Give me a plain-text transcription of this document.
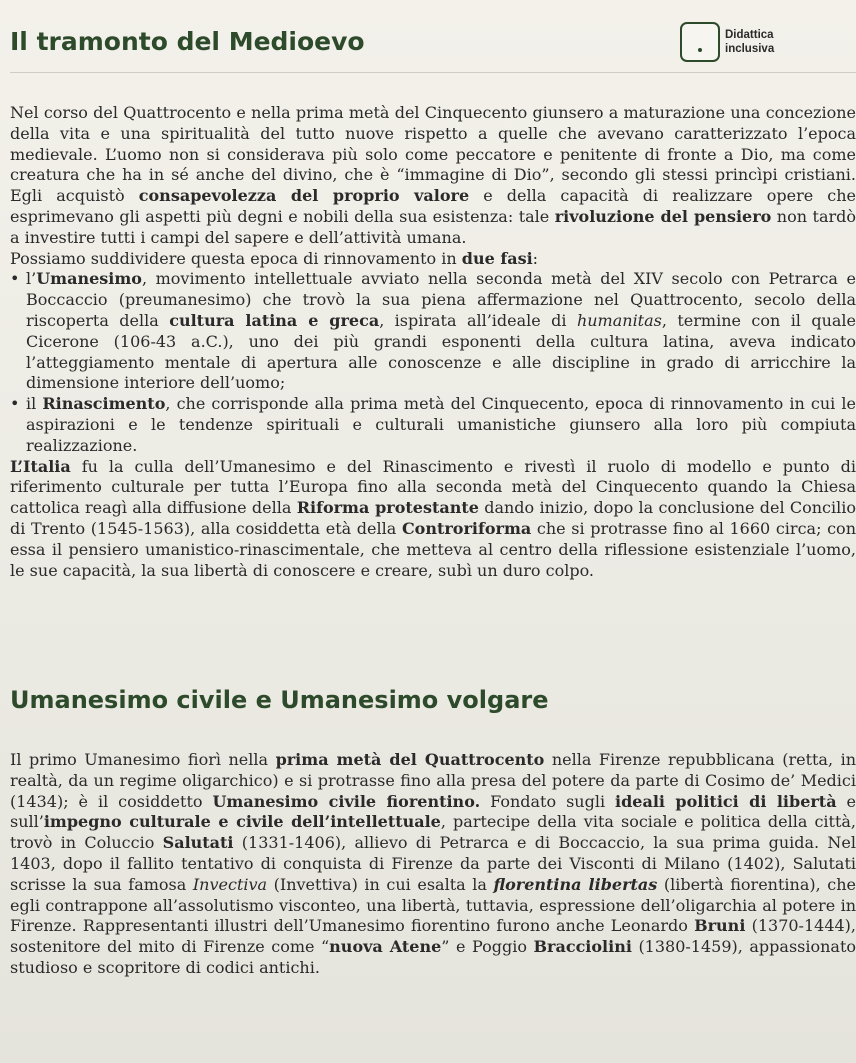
Il tramonto del Medioevo	Didattica
inclusiva

Nel corso del Quattrocento e nella prima metà del Cinquecento giunsero a maturazione una concezione della vita e una spiritualità del tutto nuove rispetto a quelle che avevano caratterizzato l’epoca medievale. L’uomo non si considerava più solo come peccatore e penitente di fronte a Dio, ma come creatura che ha in sé anche del divino, che è “immagine di Dio”, secondo gli stessi princìpi cristiani. Egli acquistò consapevolezza del proprio valore e della capacità di realizzare opere che esprimevano gli aspetti più degni e nobili della sua esistenza: tale rivoluzione del pensiero non tardò a investire tutti i campi del sapere e dell’attività umana.

Possiamo suddividere questa epoca di rinnovamento in due fasi:

• l’Umanesimo, movimento intellettuale avviato nella seconda metà del XIV secolo con Petrarca e Boccaccio (preumanesimo) che trovò la sua piena affermazione nel Quattrocento, secolo della riscoperta della cultura latina e greca, ispirata all’ideale di humanitas, termine con il quale Cicerone (106-43 a.C.), uno dei più grandi esponenti della cultura latina, aveva indicato l’atteggiamento mentale di apertura alle conoscenze e alle discipline in grado di arricchire la dimensione interiore dell’uomo;
• il Rinascimento, che corrisponde alla prima metà del Cinquecento, epoca di rinnovamento in cui le aspirazioni e le tendenze spirituali e culturali umanistiche giunsero alla loro più compiuta realizzazione.

L’Italia fu la culla dell’Umanesimo e del Rinascimento e rivestì il ruolo di modello e punto di riferimento culturale per tutta l’Europa fino alla seconda metà del Cinquecento quando la Chiesa cattolica reagì alla diffusione della Riforma protestante dando inizio, dopo la conclusione del Concilio di Trento (1545-1563), alla cosiddetta età della Controriforma che si protrasse fino al 1660 circa; con essa il pensiero umanistico-rinascimentale, che metteva al centro della riflessione esistenziale l’uomo, le sue capacità, la sua libertà di conoscere e creare, subì un duro colpo.

Umanesimo civile e Umanesimo volgare

Il primo Umanesimo fiorì nella prima metà del Quattrocento nella Firenze repubblicana (retta, in realtà, da un regime oligarchico) e si protrasse fino alla presa del potere da parte di Cosimo de’ Medici (1434); è il cosiddetto Umanesimo civile fiorentino. Fondato sugli ideali politici di libertà e sull’impegno culturale e civile dell’intellettuale, partecipe della vita sociale e politica della città, trovò in Coluccio Salutati (1331-1406), allievo di Petrarca e di Boccaccio, la sua prima guida. Nel 1403, dopo il fallito tentativo di conquista di Firenze da parte dei Visconti di Milano (1402), Salutati scrisse la sua famosa Invectiva (Invettiva) in cui esalta la florentina libertas (libertà fiorentina), che egli contrappone all’assolutismo visconteo, una libertà, tuttavia, espressione dell’oligarchia al potere in Firenze. Rappresentanti illustri dell’Umanesimo fiorentino furono anche Leonardo Bruni (1370-1444), sostenitore del mito di Firenze come “nuova Atene” e Poggio Bracciolini (1380-1459), appassionato studioso e scopritore di codici antichi.
